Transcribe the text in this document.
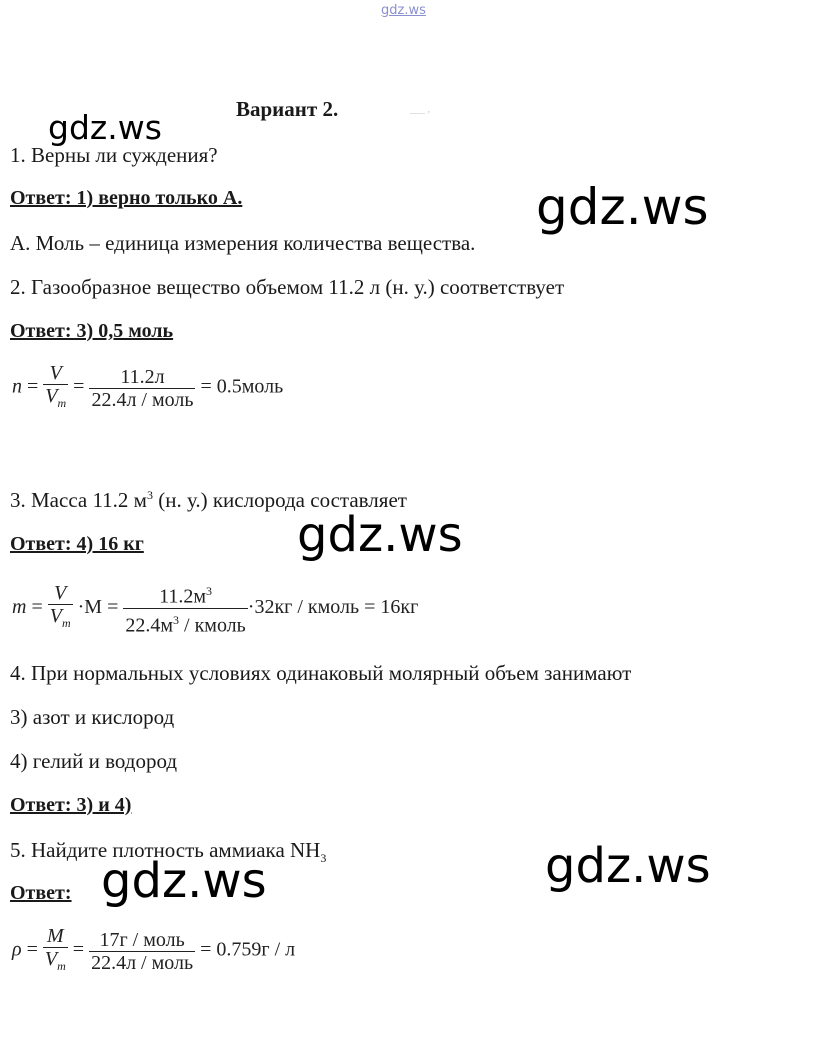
gdz.ws
Вариант 2.	___ ,
gdz.ws
gdz.ws
gdz.ws
gdz.ws
gdz.ws
1. Верны ли суждения?
Ответ: 1) верно только А.
А. Моль – единица измерения количества вещества.
2. Газообразное вещество объемом 11.2 л (н. у.) соответствует
Ответ: 3) 0,5 моль
$n = \frac{V}{V_m} = \frac{11.2л}{\text{22.4л / моль}}$ = 0.5моль
3. Масса 11.2 $м^3$ (н. у.) кислорода составляет
Ответ: 4) 16 кг
$m = \frac{V}{V_m} \cdot M = \frac{11.2м^3}{22.4м^3 / кмоль} \cdot 32кг$ / кмоль = 16кг
4. При нормальных условиях одинаковый молярный объем занимают
3) азот и кислород
4) гелий и водород
Ответ: 3) и 4)
5. Найдите плотность аммиака $NH_3$
Ответ:
$\rho = \frac{M}{V_m} = \frac{\text{17г / моль}}{\text{22.4л / моль}} = 0.759г / л$
